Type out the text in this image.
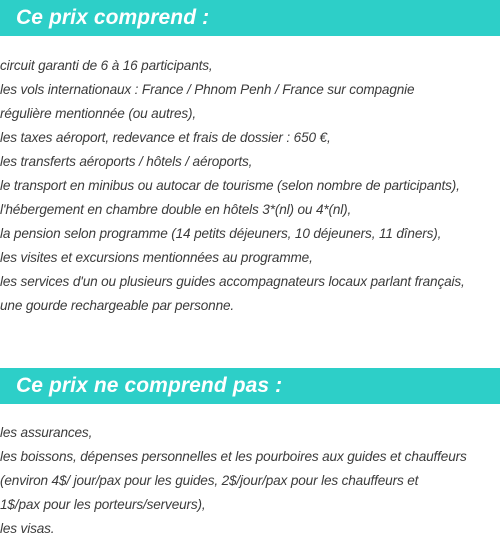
Ce prix comprend :
circuit garanti de 6 à 16 participants,
les vols internationaux : France / Phnom Penh / France sur compagnie
régulière mentionnée (ou autres),
les taxes aéroport, redevance et frais de dossier : 650 €,
les transferts aéroports / hôtels / aéroports,
le transport en minibus ou autocar de tourisme (selon nombre de participants),
l'hébergement en chambre double en hôtels 3*(nl) ou 4*(nl),
la pension selon programme (14 petits déjeuners, 10 déjeuners, 11 dîners),
les visites et excursions mentionnées au programme,
les services d'un ou plusieurs guides accompagnateurs locaux parlant français,
une gourde rechargeable par personne.
Ce prix ne comprend pas :
les assurances,
les boissons, dépenses personnelles et les pourboires aux guides et chauffeurs
(environ 4$/ jour/pax pour les guides, 2$/jour/pax pour les chauffeurs et
1$/pax pour les porteurs/serveurs),
les visas.
